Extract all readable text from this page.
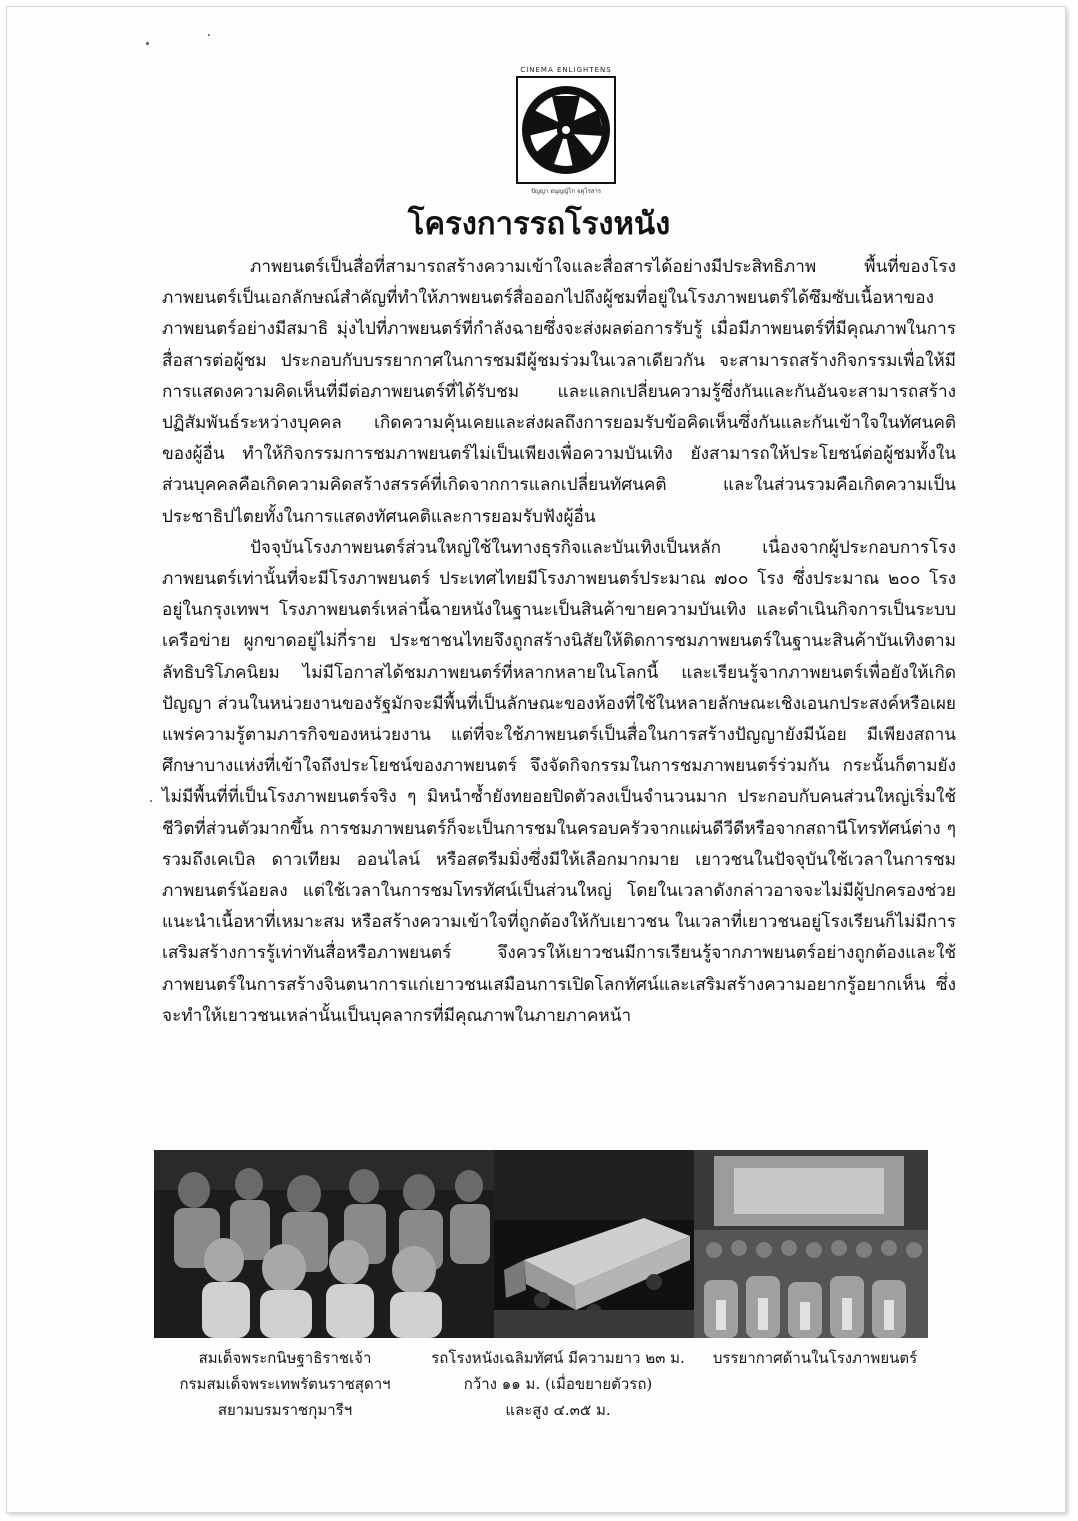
CINEMA ENLIGHTENS
ปัญญา อนุญญ์โก จตุโรสาร
โครงการรถโรงหนัง

ภาพยนตร์เป็นสื่อที่สามารถสร้างความเข้าใจและสื่อสารได้อย่างมีประสิทธิภาพ พื้นที่ของโรงภาพยนตร์เป็นเอกลักษณ์สำคัญที่ทำให้ภาพยนตร์สื่อออกไปถึงผู้ชมที่อยู่ในโรงภาพยนตร์ได้ซึมซับเนื้อหาของภาพยนตร์อย่างมีสมาธิ มุ่งไปที่ภาพยนตร์ที่กำลังฉายซึ่งจะส่งผลต่อการรับรู้ เมื่อมีภาพยนตร์ที่มีคุณภาพในการสื่อสารต่อผู้ชม ประกอบกับบรรยากาศในการชมมีผู้ชมร่วมในเวลาเดียวกัน จะสามารถสร้างกิจกรรมเพื่อให้มีการแสดงความคิดเห็นที่มีต่อภาพยนตร์ที่ได้รับชม และแลกเปลี่ยนความรู้ซึ่งกันและกันอันจะสามารถสร้างปฏิสัมพันธ์ระหว่างบุคคล เกิดความคุ้นเคยและส่งผลถึงการยอมรับข้อคิดเห็นซึ่งกันและกันเข้าใจในทัศนคติของผู้อื่น ทำให้กิจกรรมการชมภาพยนตร์ไม่เป็นเพียงเพื่อความบันเทิง ยังสามารถให้ประโยชน์ต่อผู้ชมทั้งในส่วนบุคคลคือเกิดความคิดสร้างสรรค์ที่เกิดจากการแลกเปลี่ยนทัศนคติ และในส่วนรวมคือเกิดความเป็นประชาธิปไตยทั้งในการแสดงทัศนคติและการยอมรับฟังผู้อื่น

ปัจจุบันโรงภาพยนตร์ส่วนใหญ่ใช้ในทางธุรกิจและบันเทิงเป็นหลัก เนื่องจากผู้ประกอบการโรงภาพยนตร์เท่านั้นที่จะมีโรงภาพยนตร์ ประเทศไทยมีโรงภาพยนตร์ประมาณ ๗๐๐ โรง ซึ่งประมาณ ๒๐๐ โรงอยู่ในกรุงเทพฯ โรงภาพยนตร์เหล่านี้ฉายหนังในฐานะเป็นสินค้าขายความบันเทิง และดำเนินกิจการเป็นระบบเครือข่าย ผูกขาดอยู่ไม่กี่ราย ประชาชนไทยจึงถูกสร้างนิสัยให้ติดการชมภาพยนตร์ในฐานะสินค้าบันเทิงตามลัทธิบริโภคนิยม ไม่มีโอกาสได้ชมภาพยนตร์ที่หลากหลายในโลกนี้ และเรียนรู้จากภาพยนตร์เพื่อยังให้เกิดปัญญา ส่วนในหน่วยงานของรัฐมักจะมีพื้นที่เป็นลักษณะของห้องที่ใช้ในหลายลักษณะเชิงเอนกประสงค์หรือเผยแพร่ความรู้ตามภารกิจของหน่วยงาน แต่ที่จะใช้ภาพยนตร์เป็นสื่อในการสร้างปัญญายังมีน้อย มีเพียงสถานศึกษาบางแห่งที่เข้าใจถึงประโยชน์ของภาพยนตร์ จึงจัดกิจกรรมในการชมภาพยนตร์ร่วมกัน กระนั้นก็ตามยังไม่มีพื้นที่ที่เป็นโรงภาพยนตร์จริง ๆ มิหนำซ้ำยังทยอยปิดตัวลงเป็นจำนวนมาก ประกอบกับคนส่วนใหญ่เริ่มใช้ชีวิตที่ส่วนตัวมากขึ้น การชมภาพยนตร์ก็จะเป็นการชมในครอบครัวจากแผ่นดีวีดีหรือจากสถานีโทรทัศน์ต่าง ๆ รวมถึงเคเบิล ดาวเทียม ออนไลน์ หรือสตรีมมิ่งซึ่งมีให้เลือกมากมาย เยาวชนในปัจจุบันใช้เวลาในการชมภาพยนตร์น้อยลง แต่ใช้เวลาในการชมโทรทัศน์เป็นส่วนใหญ่ โดยในเวลาดังกล่าวอาจจะไม่มีผู้ปกครองช่วยแนะนำเนื้อหาที่เหมาะสม หรือสร้างความเข้าใจที่ถูกต้องให้กับเยาวชน ในเวลาที่เยาวชนอยู่โรงเรียนก็ไม่มีการเสริมสร้างการรู้เท่าทันสื่อหรือภาพยนตร์ จึงควรให้เยาวชนมีการเรียนรู้จากภาพยนตร์อย่างถูกต้องและใช้ภาพยนตร์ในการสร้างจินตนาการแก่เยาวชนเสมือนการเปิดโลกทัศน์และเสริมสร้างความอยากรู้อยากเห็น ซึ่งจะทำให้เยาวชนเหล่านั้นเป็นบุคลากรที่มีคุณภาพในภายภาคหน้า

สมเด็จพระกนิษฐาธิราชเจ้า
กรมสมเด็จพระเทพรัตนราชสุดาฯ
สยามบรมราชกุมารีฯ
รถโรงหนังเฉลิมทัศน์ มีความยาว ๒๓ ม.
กว้าง ๑๑ ม. (เมื่อขยายตัวรถ)
และสูง ๔.๓๕ ม.
บรรยากาศด้านในโรงภาพยนตร์
